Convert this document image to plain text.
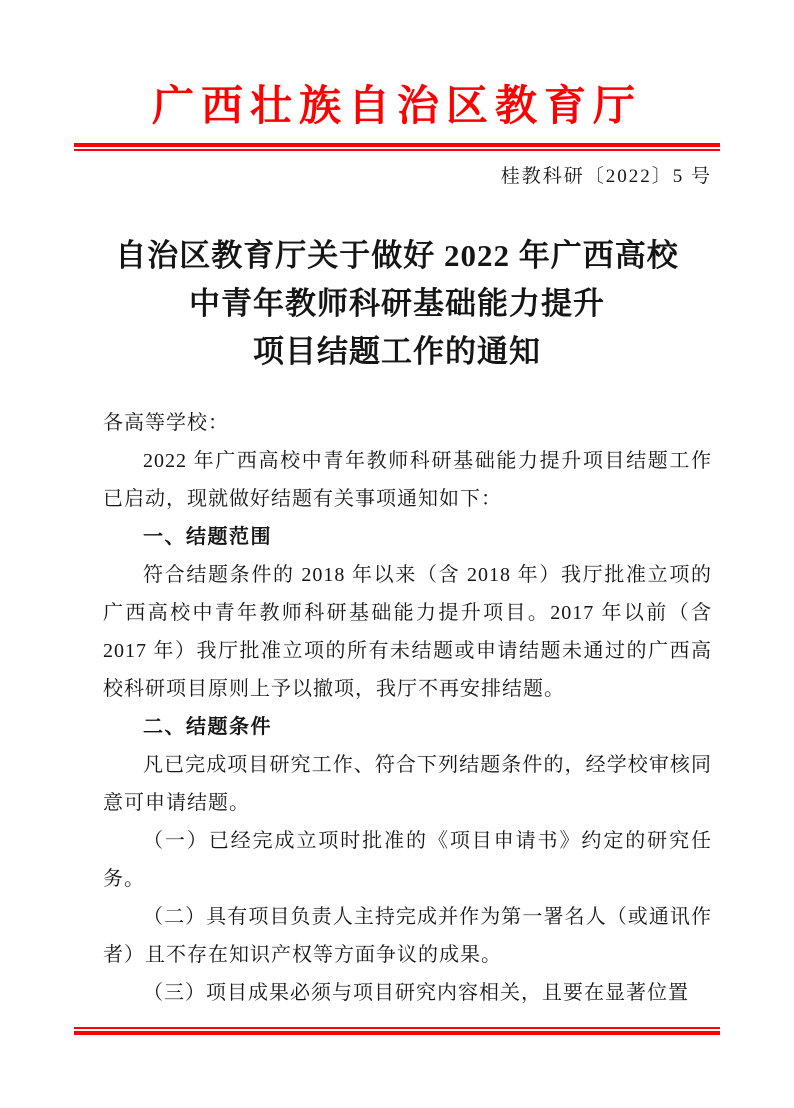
广西壮族自治区教育厅
桂教科研〔2022〕5 号
自治区教育厅关于做好 2022 年广西高校
中青年教师科研基础能力提升
项目结题工作的通知

各高等学校：

2022 年广西高校中青年教师科研基础能力提升项目结题工作已启动，现就做好结题有关事项通知如下：

一、结题范围

符合结题条件的 2018 年以来（含 2018 年）我厅批准立项的广西高校中青年教师科研基础能力提升项目。2017 年以前（含 2017 年）我厅批准立项的所有未结题或申请结题未通过的广西高校科研项目原则上予以撤项，我厅不再安排结题。

二、结题条件

凡已完成项目研究工作、符合下列结题条件的，经学校审核同意可申请结题。

（一）已经完成立项时批准的《项目申请书》约定的研究任务。

（二）具有项目负责人主持完成并作为第一署名人（或通讯作者）且不存在知识产权等方面争议的成果。

（三）项目成果必须与项目研究内容相关，且要在显著位置
